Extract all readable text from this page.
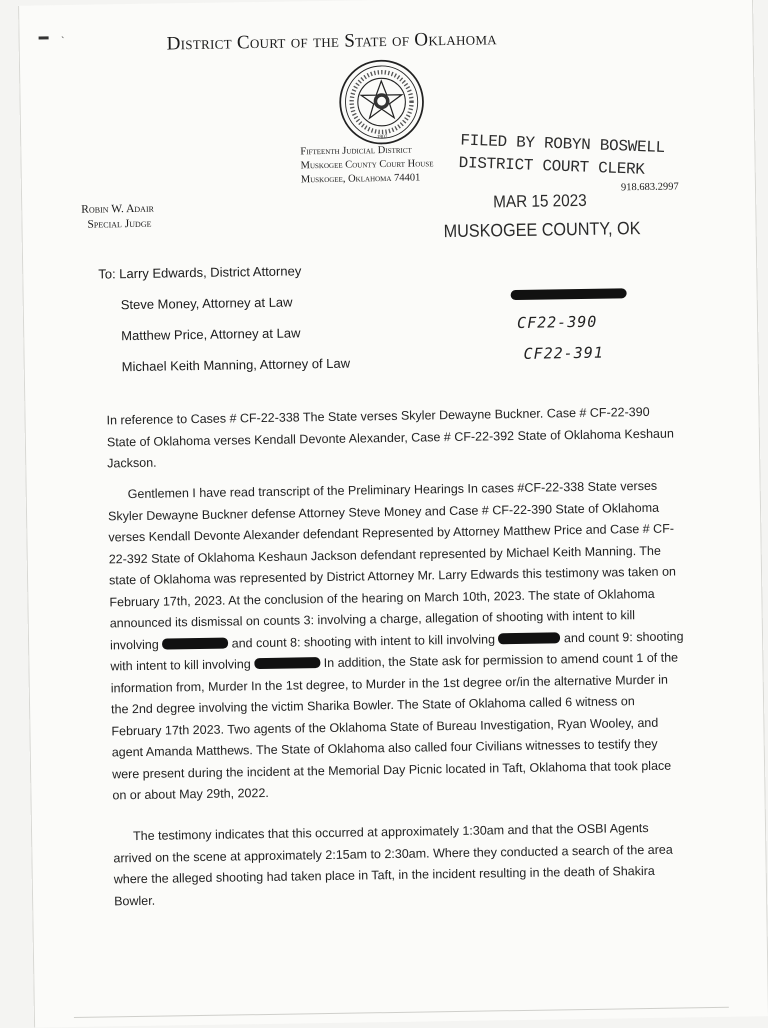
▬     ˴	District Court of the State of Oklahoma
1907
Fifteenth Judicial District
Muskogee County Court House
Muskogee, Oklahoma 74401
FILED BY ROBYN BOSWELL
DISTRICT COURT CLERK
918.683.2997
Robin W. Adair
Special Judge
MAR 15 2023
MUSKOGEE COUNTY, OK
To: Larry Edwards, District Attorney
Steve Money, Attorney at Law
Matthew Price, Attorney at Law
Michael Keith Manning, Attorney of Law
CF22-390
CF22-391
In reference to Cases # CF-22-338 The State verses Skyler Dewayne Buckner. Case # CF-22-390 State of Oklahoma verses Kendall Devonte Alexander, Case # CF-22-392 State of Oklahoma Keshaun Jackson.
Gentlemen I have read transcript of the Preliminary Hearings In cases #CF-22-338 State verses Skyler Dewayne Buckner defense Attorney Steve Money and Case # CF-22-390 State of Oklahoma verses Kendall Devonte Alexander defendant Represented by Attorney Matthew Price and Case # CF-22-392 State of Oklahoma Keshaun Jackson defendant represented by Michael Keith Manning. The state of Oklahoma was represented by District Attorney Mr. Larry Edwards this testimony was taken on February 17th, 2023. At the conclusion of the hearing on March 10th, 2023. The state of Oklahoma announced its dismissal on counts 3: involving a charge, allegation of shooting with intent to kill involving	and count 8: shooting with intent to kill involving	and count 9: shooting with intent to kill involving	In addition, the State ask for permission to amend count 1 of the information from, Murder In the 1st degree, to Murder in the 1st degree or/in the alternative Murder in the 2nd degree involving the victim Sharika Bowler. The State of Oklahoma called 6 witness on February 17th 2023. Two agents of the Oklahoma State of Bureau Investigation, Ryan Wooley, and agent Amanda Matthews. The State of Oklahoma also called four Civilians witnesses to testify they were present during the incident at the Memorial Day Picnic located in Taft, Oklahoma that took place on or about May 29th, 2022.
The testimony indicates that this occurred at approximately 1:30am and that the OSBI Agents arrived on the scene at approximately 2:15am to 2:30am. Where they conducted a search of the area where the alleged shooting had taken place in Taft, in the incident resulting in the death of Shakira Bowler.
